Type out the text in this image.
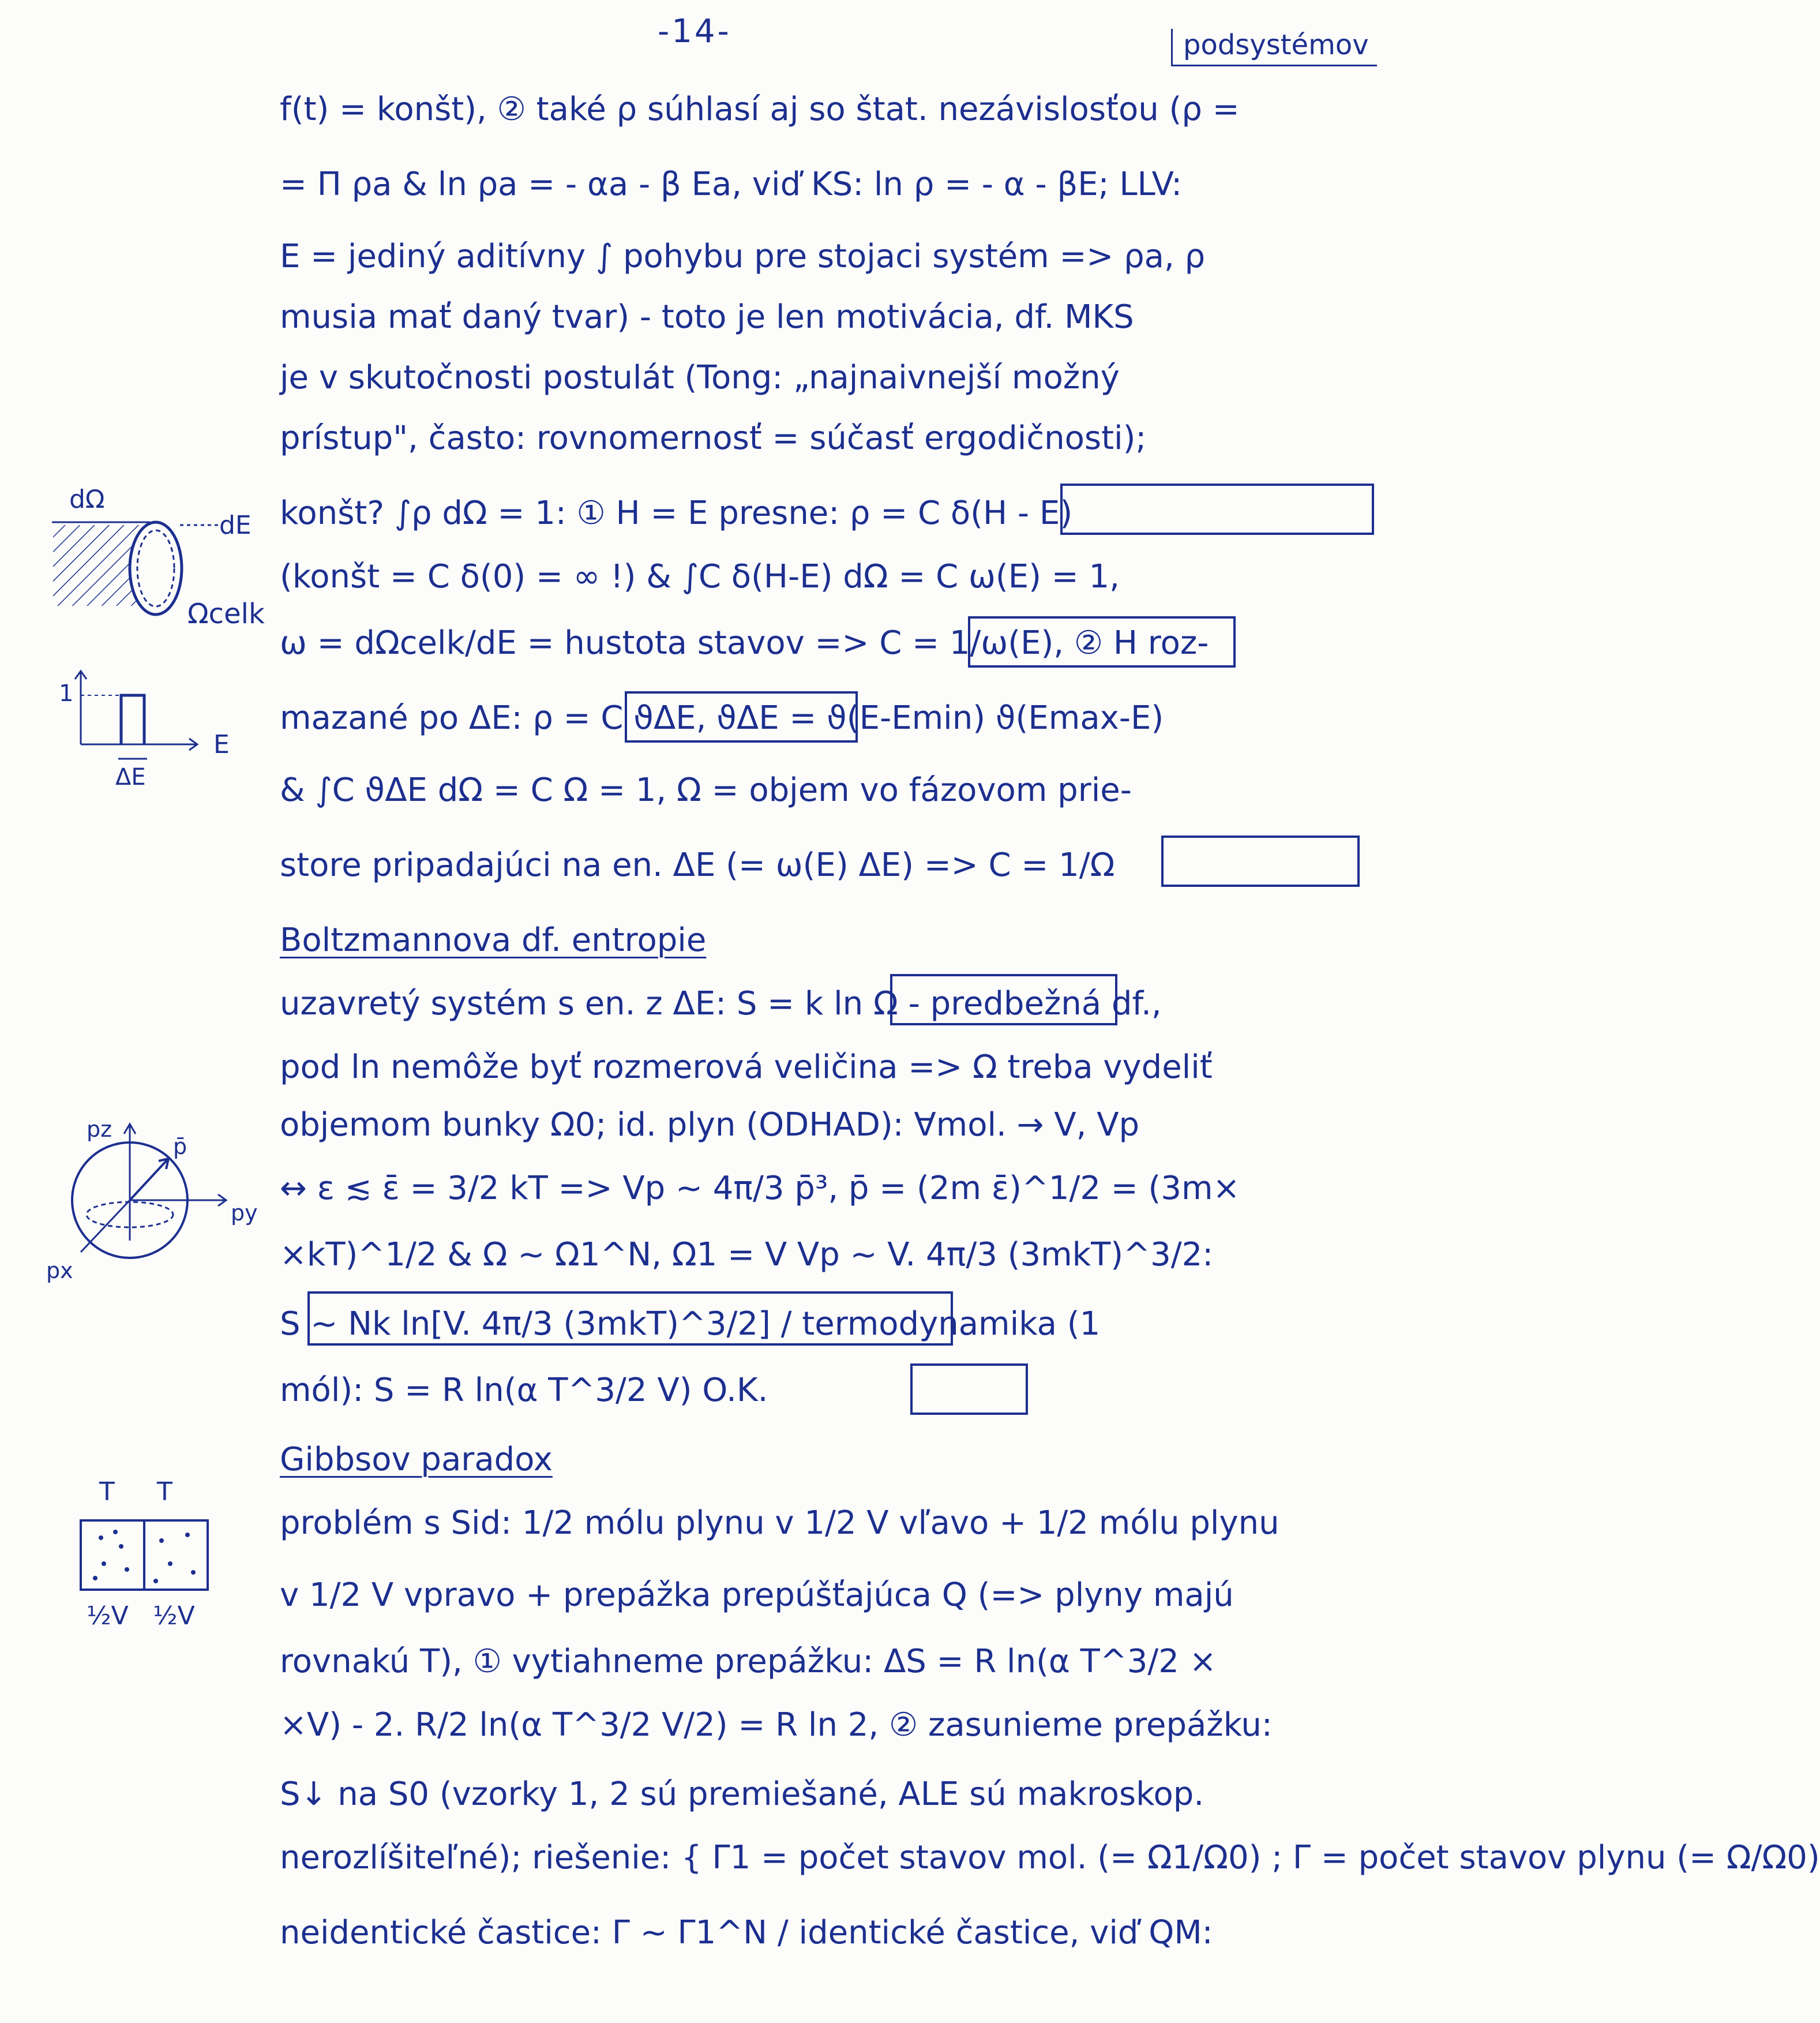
-14-	podsystémov
f(t) = konšt), ② také ρ súhlasí aj so štat. nezávislosťou (ρ =
= Π ρa & ln ρa = - αa - β Ea, viď KS: ln ρ = - α - βE; LLV:
E = jediný aditívny ∫ pohybu pre stojaci systém => ρa, ρ
musia mať daný tvar) - toto je len motivácia, df. MKS
je v skutočnosti postulát (Tong: „najnaivnejší možný
prístup", často: rovnomernosť = súčasť ergodičnosti);
konšt? ∫ρ dΩ = 1: ① H = E presne: ρ = C δ(H - E)
(konšt = C δ(0) = ∞ !) & ∫C δ(H-E) dΩ = C ω(E) = 1,
ω = dΩcelk/dE = hustota stavov => C = 1/ω(E), ② H roz-
mazané po ΔE: ρ = C ϑΔE, ϑΔE = ϑ(E-Emin) ϑ(Emax-E)
& ∫C ϑΔE dΩ = C Ω = 1, Ω = objem vo fázovom prie-
store pripadajúci na en. ΔE (= ω(E) ΔE) => C = 1/Ω
Boltzmannova df. entropie
uzavretý systém s en. z ΔE: S = k ln Ω - predbežná df.,
pod ln nemôže byť rozmerová veličina => Ω treba vydeliť
objemom bunky Ω0; id. plyn (ODHAD): ∀mol. → V, Vp
↔ ε ≲ ε̄ = 3/2 kT => Vp ~ 4π/3 p̄³, p̄ = (2m ε̄)^1/2 = (3m×
×kT)^1/2 & Ω ~ Ω1^N, Ω1 = V Vp ~ V. 4π/3 (3mkT)^3/2:
S ~ Nk ln[V. 4π/3 (3mkT)^3/2] / termodynamika (1
mól): S = R ln(α T^3/2 V) O.K.
Gibbsov paradox
problém s Sid: 1/2 mólu plynu v 1/2 V vľavo + 1/2 mólu plynu
v 1/2 V vpravo + prepážka prepúšťajúca Q (=> plyny majú
rovnakú T), ① vytiahneme prepážku: ΔS = R ln(α T^3/2 ×
×V) - 2. R/2 ln(α T^3/2 V/2) = R ln 2, ② zasunieme prepážku:
S↓ na S0 (vzorky 1, 2 sú premiešané, ALE sú makroskop.
nerozlíšiteľné); riešenie: { Γ1 = počet stavov mol. (= Ω1/Ω0) ; Γ = počet stavov plynu (= Ω/Ω0)
neidentické častice: Γ ~ Γ1^N / identické častice, viď QM:
dΩ
dE
Ωcelk
1
E
ΔE
pz
py
px
p̄
T T
½V ½V
